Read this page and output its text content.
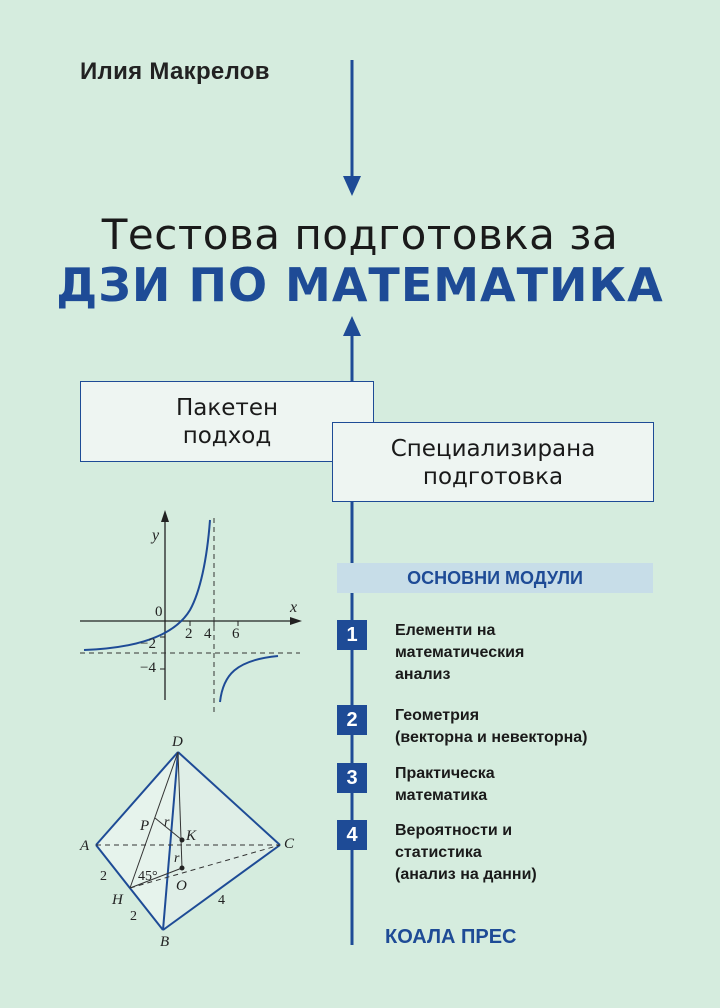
y
x
0
2 4 6
−2
−4
D
A
B
C
H
O
K
P r
r
45°
2
2
4
Илия Макрелов
Тестова подготовка за
ДЗИ ПО МАТЕМАТИКА
Пакетен
подход	Специализирана
подготовка
ОСНОВНИ МОДУЛИ
1	Елементи на
математическия
анализ
2	Геометрия
(векторна и невекторна)
3	Практическа
математика
4	Вероятности и
статистика
(анализ на данни)
КОАЛА ПРЕС
